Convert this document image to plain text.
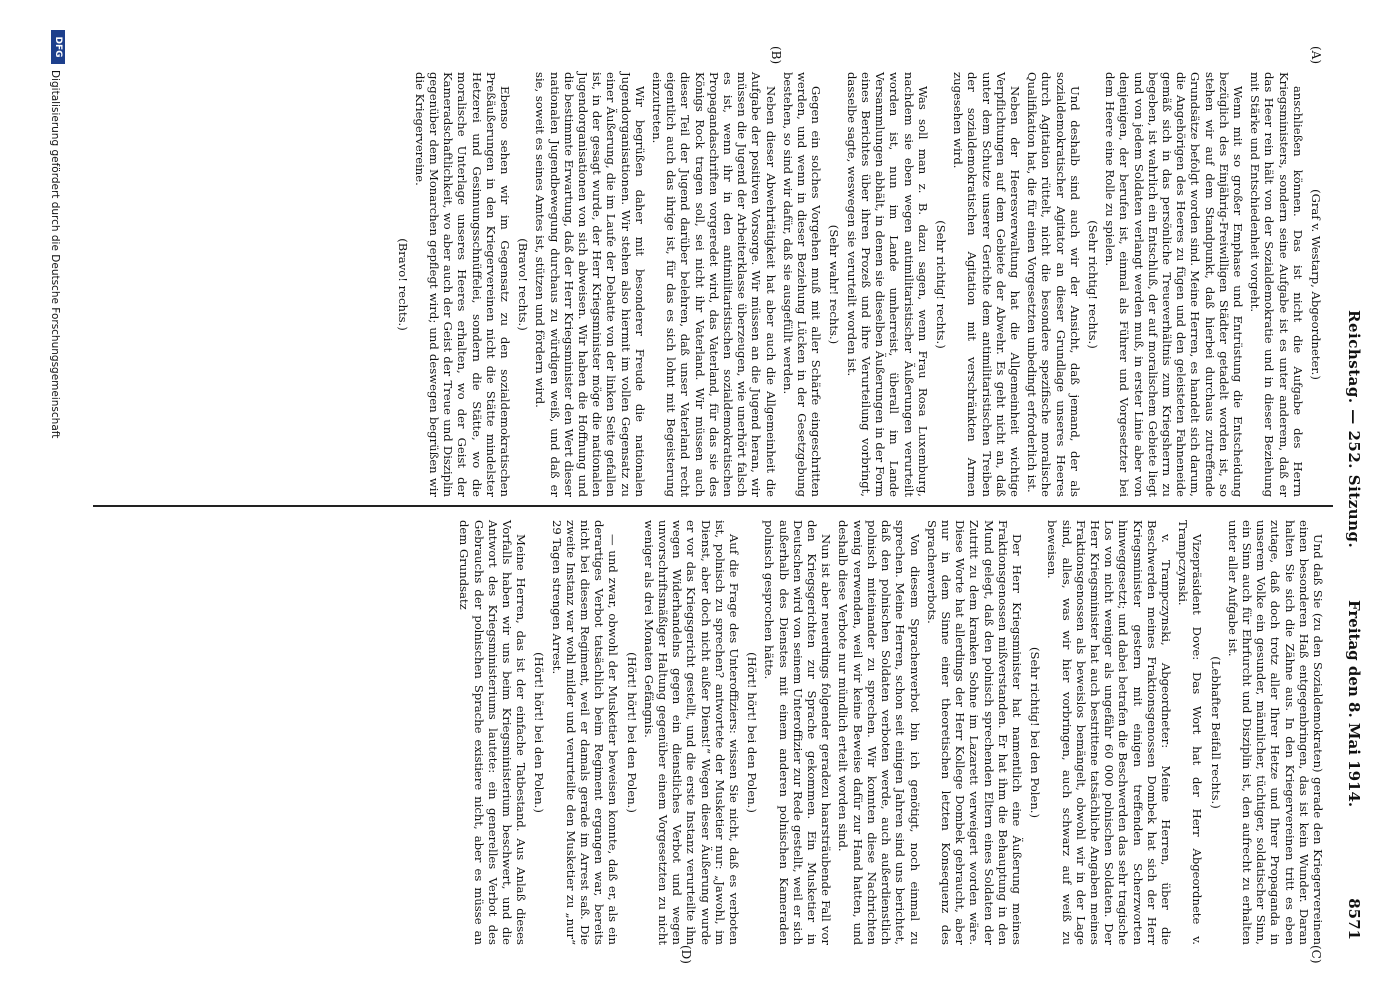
Reichstag. — 252. Sitzung.
Freitag den 8. Mai 1914.
8571
(A)
(B)
(C)
(D)

(Graf v. Westarp, Abgeordneter.)

anschließen können. Das ist nicht die Aufgabe des Herrn Kriegsministers, sondern seine Aufgabe ist es unter anderem, daß er das Heer rein hält von der Sozialdemokratie und in dieser Beziehung mit Stärke und Entschiedenheit vorgeht.

Wenn mit so großer Emphase und Entrüstung die Entscheidung bezüglich des Einjährig-Freiwilligen Städter getadelt worden ist, so stehen wir auf dem Standpunkt, daß hierbei durchaus zutreffende Grundsätze befolgt worden sind. Meine Herren, es handelt sich darum, die Angehörigen des Heeres zu fügen und den geleisteten Fahneneide gemäß sich in das persönliche Treueverhältnis zum Kriegsherrn zu begeben, ist wahrlich ein Entschluß, der auf moralischem Gebiete liegt und von jedem Soldaten verlangt werden muß, in erster Linie aber von denjenigen, der berufen ist, einmal als Führer und Vorgesetzter bei dem Heere eine Rolle zu spielen.

(Sehr richtig! rechts.)

Und deshalb sind auch wir der Ansicht, daß jemand, der als sozialdemokratischer Agitator an dieser Grundlage unseres Heeres durch Agitation rüttelt, nicht die besondere spezifische moralische Qualifikation hat, die für einen Vorgesetzten unbedingt erforderlich ist.

Neben der Heeresverwaltung hat die Allgemeinheit wichtige Verpflichtungen auf dem Gebiete der Abwehr. Es geht nicht an, daß unter dem Schutze unserer Gerichte dem antimilitaristischen Treiben der sozialdemokratischen Agitation mit verschränkten Armen zugesehen wird.

(Sehr richtig! rechts.)

Was soll man z. B. dazu sagen, wenn Frau Rosa Luxemburg, nachdem sie eben wegen antimilitaristischer Äußerungen verurteilt worden ist, nun im Lande umherreist, überall im Lande Versammlungen abhält, in denen sie dieselben Äußerungen in der Form eines Berichtes über ihren Prozeß und ihre Verurteilung vorbringt, dasselbe sagte, weswegen sie verurteilt worden ist.

(Sehr wahr! rechts.)

Gegen ein solches Vorgehen muß mit aller Schärfe eingeschritten werden, und wenn in dieser Beziehung Lücken in der Gesetzgebung bestehen, so sind wir dafür, daß sie ausgefüllt werden.

Neben dieser Abwehrtätigkeit hat aber auch die Allgemeinheit die Aufgabe der positiven Vorsorge. Wir müssen an die Jugend heran, wir müssen die Jugend der Arbeiterklasse überzeugen, wie unerhört falsch es ist, wenn ihr in den antimilitaristischen sozialdemokratischen Propagandaschriften vorgeredet wird, das Vaterland, für das sie des Königs Rock tragen soll, sei nicht ihr Vaterland. Wir müssen auch dieser Teil der Jugend darüber belehren, daß unser Vaterland recht eigentlich auch das ihrige ist, für das es sich lohnt mit Begeisterung einzutreten.

Wir begrüßen daher mit besonderer Freude die nationalen Jugendorganisationen. Wir stehen also hiermit im vollen Gegensatz zu einer Äußerung, die im Laufe der Debatte von der linken Seite gefallen ist, in der gesagt wurde, der Herr Kriegsminister möge die nationalen Jugendorganisationen von sich abweisen. Wir haben die Hoffnung und die bestimmte Erwartung, daß der Herr Kriegsminister den Wert dieser nationalen Jugendbewegung durchaus zu würdigen weiß, und daß er sie, soweit es seines Amtes ist, stützen und fördern wird.

(Bravo! rechts.)

Ebenso sehen wir im Gegensatz zu den sozialdemokratischen Preßäußerungen in den Kriegervereinen nicht die Stätte mindelster Hetzerei und Gesinnungsschnüffelei, sondern die Stätte, wo die moralische Unterlage unseres Heeres erhalten, wo der Geist der Kameradschaftlichkeit, wo aber auch der Geist der Treue und Disziplin gegenüber dem Monarchen gepflegt wird; und deswegen begrüßen wir die Kriegervereine.

(Bravo! rechts.)

Und daß Sie (zu den Sozialdemokraten) gerade den Kriegervereinen einen besonderen Haß entgegenbringen, das ist kein Wunder. Daran halten Sie sich die Zähne aus. In den Kriegervereinen tritt es eben zutage, daß doch trotz aller Ihrer Hetze und Ihrer Propaganda in unserem Volke ein gesunder, männlicher, tüchtiger, soldatischer Sinn, ein Sinn auch für Ehrfurcht und Disziplin ist, den aufrecht zu erhalten unter aller Aufgabe ist.

(Lebhafter Beifall rechts.)

Vizepräsident Dove: Das Wort hat der Herr Abgeordnete v. Trampczynski.

v. Trampczynski, Abgeordneter: Meine Herren, über die Beschwerden meines Fraktionsgenossen Dombek hat sich der Herr Kriegsminister gestern mit einigen treffenden Scherzworten hinweggesetzt; und dabei betrafen die Beschwerden das sehr tragische Los von nicht weniger als ungefähr 60 000 polnischen Soldaten. Der Herr Kriegsminister hat auch bestrittene tatsächliche Angaben meines Fraktionsgenossen als beweislos bemängelt, obwohl wir in der Lage sind, alles, was wir hier vorbringen, auch schwarz auf weiß zu beweisen.

(Sehr richtig! bei den Polen.)

Der Herr Kriegsminister hat namentlich eine Äußerung meines Fraktionsgenossen mißverstanden. Er hat ihm die Behauptung in den Mund gelegt, daß den polnisch sprechenden Eltern eines Soldaten der Zutritt zu dem kranken Sohne im Lazarett verweigert worden wäre. Diese Worte hat allerdings der Herr Kollege Dombek gebraucht, aber nur in dem Sinne einer theoretischen letzten Konsequenz des Sprachenverbots.

Von diesem Sprachenverbot bin ich genötigt, noch einmal zu sprechen. Meine Herren, schon seit einigen Jahren sind uns berichtet, daß den polnischen Soldaten verboten werde, auch außerdienstlich polnisch miteinander zu sprechen. Wir konnten diese Nachrichten wenig verwenden, weil wir keine Beweise dafür zur Hand hatten, und deshalb diese Verbote nur mündlich erteilt worden sind.

Nun ist aber neuerdings folgender geradezu haarsträubende Fall vor den Kriegsgerichten zur Sprache gekommen. Ein Musketier in Deutschen wird von seinem Unteroffizier zur Rede gestellt, weil er sich außerhalb des Dienstes mit einem anderen polnischen Kameraden polnisch gesprochen hätte.

(Hört! hört! bei den Polen.)

Auf die Frage des Unteroffiziers: wissen Sie nicht, daß es verboten ist, polnisch zu sprechen? antwortete der Musketier nur: „Jawohl, im Dienst, aber doch nicht außer Dienst!“ Wegen dieser Äußerung wurde er vor das Kriegsgericht gestellt, und die erste Instanz verurteilte ihn wegen Widerhandelns gegen ein dienstliches Verbot und wegen unvorschriftsmäßiger Haltung gegenüber einem Vorgesetzten zu nicht weniger als drei Monaten Gefängnis.

(Hört! hört! bei den Polen.)

— und zwar, obwohl der Musketier beweisen konnte, daß er, als ein derartiges Verbot tatsächlich beim Regiment ergangen war, bereits nicht bei diesem Regiment, weil er damals gerade im Arrest saß. Die zweite Instanz war wohl milder und verurteilte den Musketier zu „nur“ 29 Tagen strengen Arrest.

(Hört! hört! bei den Polen.)

Meine Herren, das ist der einfache Tatbestand. Aus Anlaß dieses Vorfalls haben wir uns beim Kriegsministerium beschwert, und die Antwort des Kriegsministeriums lautete: ein generelles Verbot des Gebrauchs der polnischen Sprache existiere nicht, aber es müsse an dem Grundsatz

DFG
Digitalisierung gefördert durch die Deutsche Forschungsgemeinschaft
